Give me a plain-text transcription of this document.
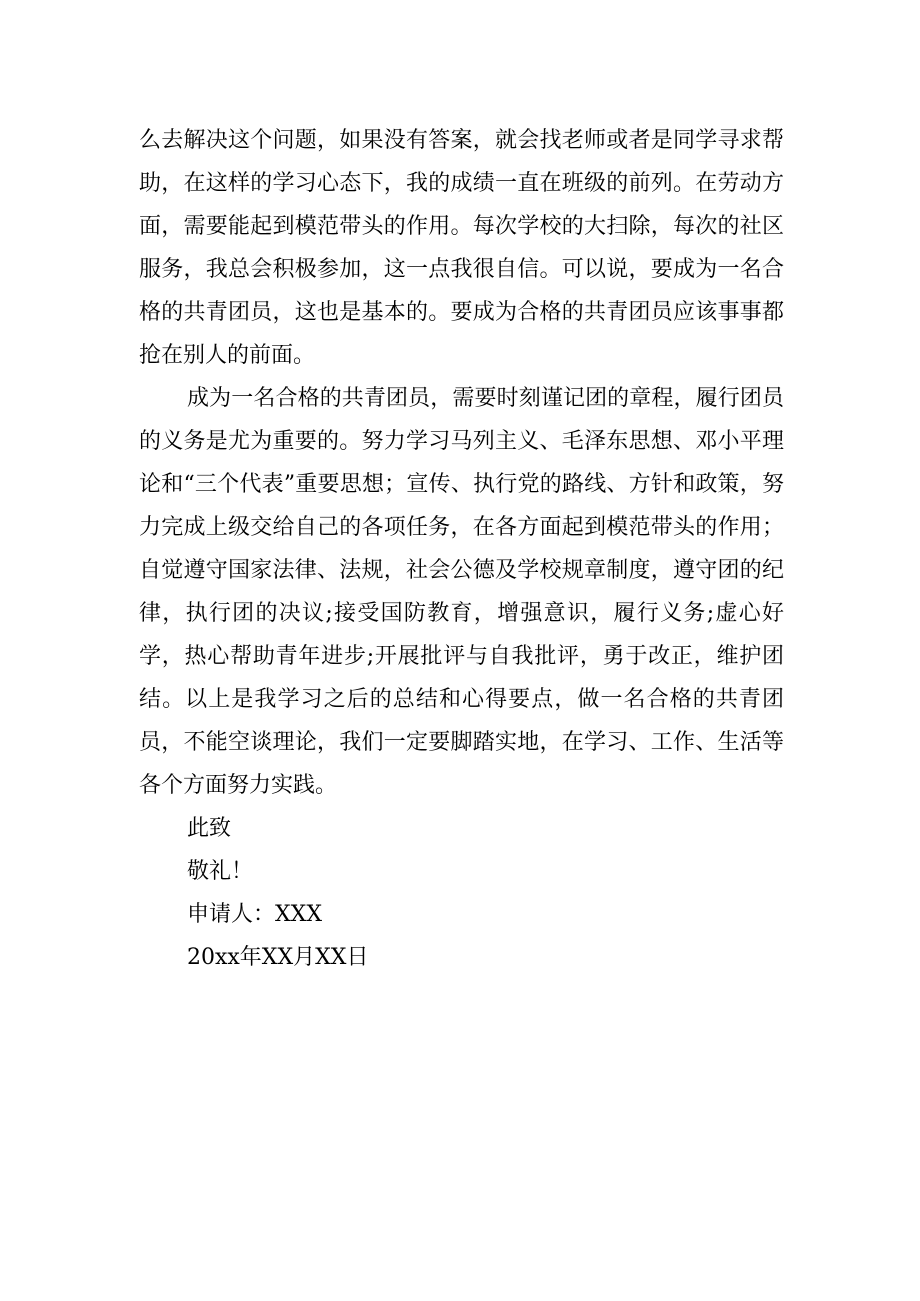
么去解决这个问题，如果没有答案，就会找老师或者是同学寻求帮助，在这样的学习心态下，我的成绩一直在班级的前列。在劳动方面，需要能起到模范带头的作用。每次学校的大扫除，每次的社区服务，我总会积极参加，这一点我很自信。可以说，要成为一名合格的共青团员，这也是基本的。要成为合格的共青团员应该事事都抢在别人的前面。

成为一名合格的共青团员，需要时刻谨记团的章程，履行团员的义务是尤为重要的。努力学习马列主义、毛泽东思想、邓小平理论和“三个代表”重要思想；宣传、执行党的路线、方针和政策，努力完成上级交给自己的各项任务，在各方面起到模范带头的作用；自觉遵守国家法律、法规，社会公德及学校规章制度，遵守团的纪律，执行团的决议;接受国防教育，增强意识，履行义务;虚心好学，热心帮助青年进步;开展批评与自我批评，勇于改正，维护团结。以上是我学习之后的总结和心得要点，做一名合格的共青团员，不能空谈理论，我们一定要脚踏实地，在学习、工作、生活等各个方面努力实践。

此致

敬礼！

申请人：XXX

20xx年XX月XX日
